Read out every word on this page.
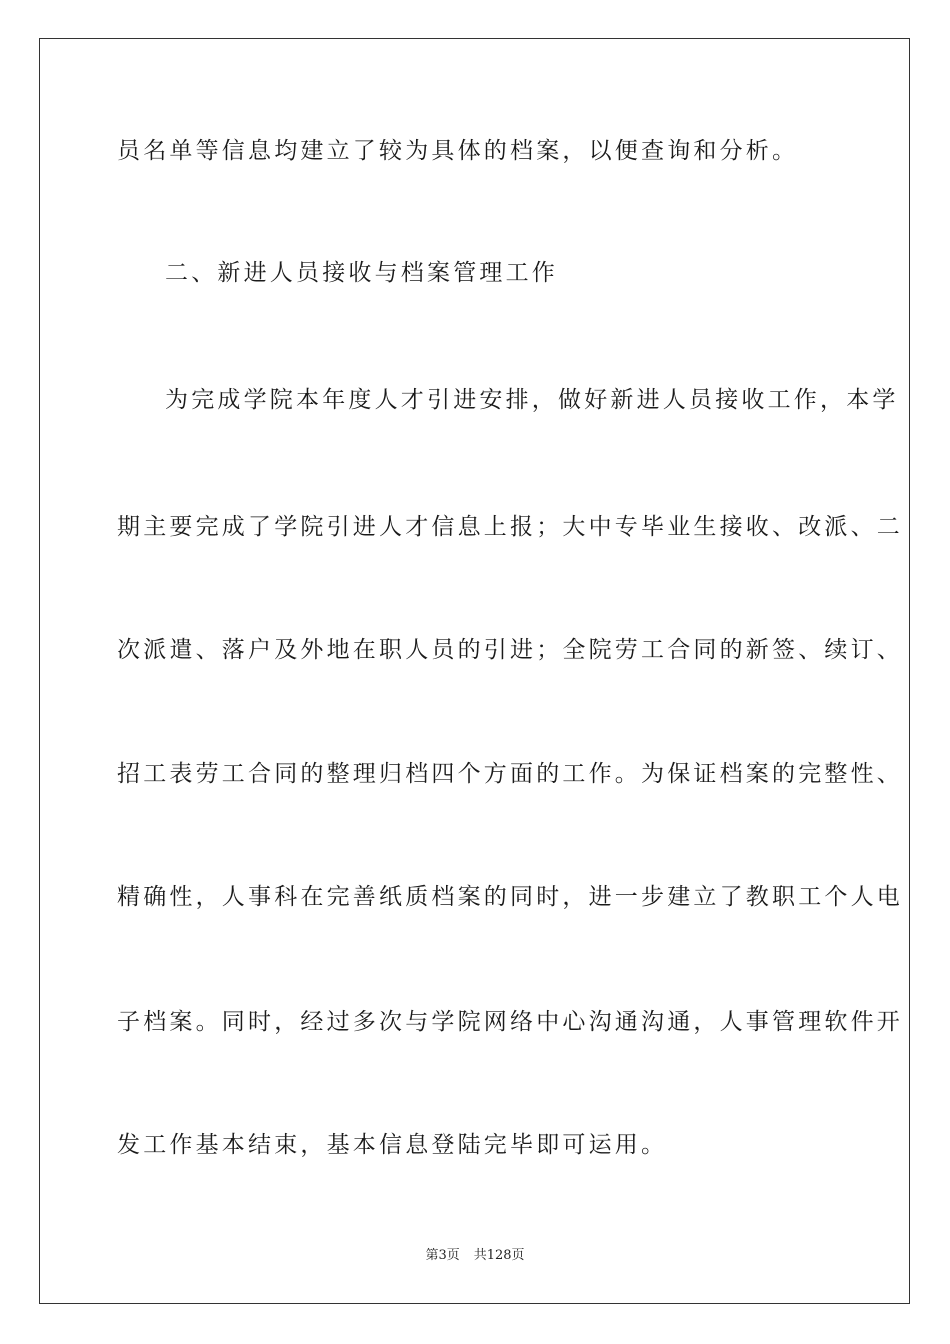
员名单等信息均建立了较为具体的档案，以便查询和分析。
二、新进人员接收与档案管理工作
为完成学院本年度人才引进安排，做好新进人员接收工作，本学
期主要完成了学院引进人才信息上报；大中专毕业生接收、改派、二
次派遣、落户及外地在职人员的引进；全院劳工合同的新签、续订、
招工表劳工合同的整理归档四个方面的工作。为保证档案的完整性、
精确性，人事科在完善纸质档案的同时，进一步建立了教职工个人电
子档案。同时，经过多次与学院网络中心沟通沟通，人事管理软件开
发工作基本结束，基本信息登陆完毕即可运用。
第3页 共128页
